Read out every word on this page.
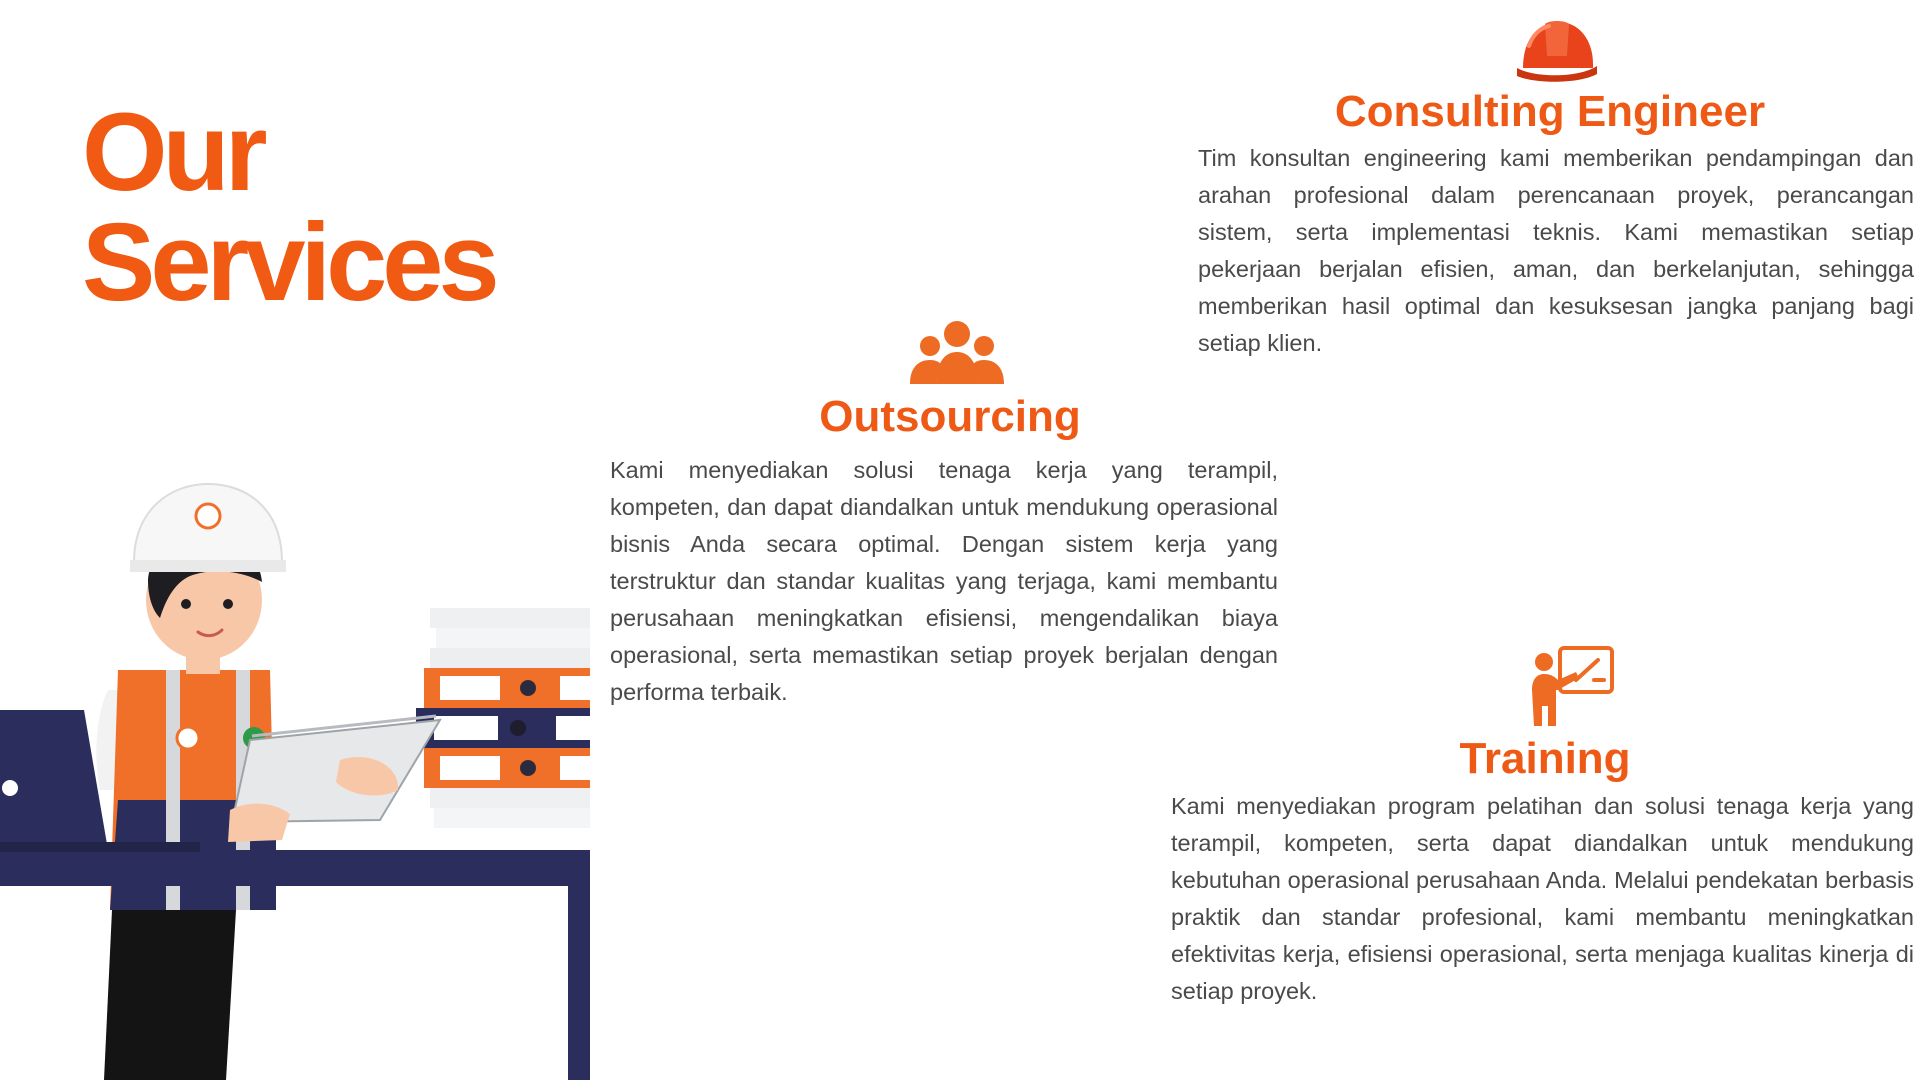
Our
Services
Consulting Engineer

Tim konsultan engineering kami memberikan pendampingan dan arahan profesional dalam perencanaan proyek, perancangan sistem, serta implementasi teknis. Kami memastikan setiap pekerjaan berjalan efisien, aman, dan berkelanjutan, sehingga memberikan hasil optimal dan kesuksesan jangka panjang bagi setiap klien.

Outsourcing

Kami menyediakan solusi tenaga kerja yang terampil, kompeten, dan dapat diandalkan untuk mendukung operasional bisnis Anda secara optimal. Dengan sistem kerja yang terstruktur dan standar kualitas yang terjaga, kami membantu perusahaan meningkatkan efisiensi, mengendalikan biaya operasional, serta memastikan setiap proyek berjalan dengan performa terbaik.

Training

Kami menyediakan program pelatihan dan solusi tenaga kerja yang terampil, kompeten, serta dapat diandalkan untuk mendukung kebutuhan operasional perusahaan Anda. Melalui pendekatan berbasis praktik dan standar profesional, kami membantu meningkatkan efektivitas kerja, efisiensi operasional, serta menjaga kualitas kinerja di setiap proyek.
